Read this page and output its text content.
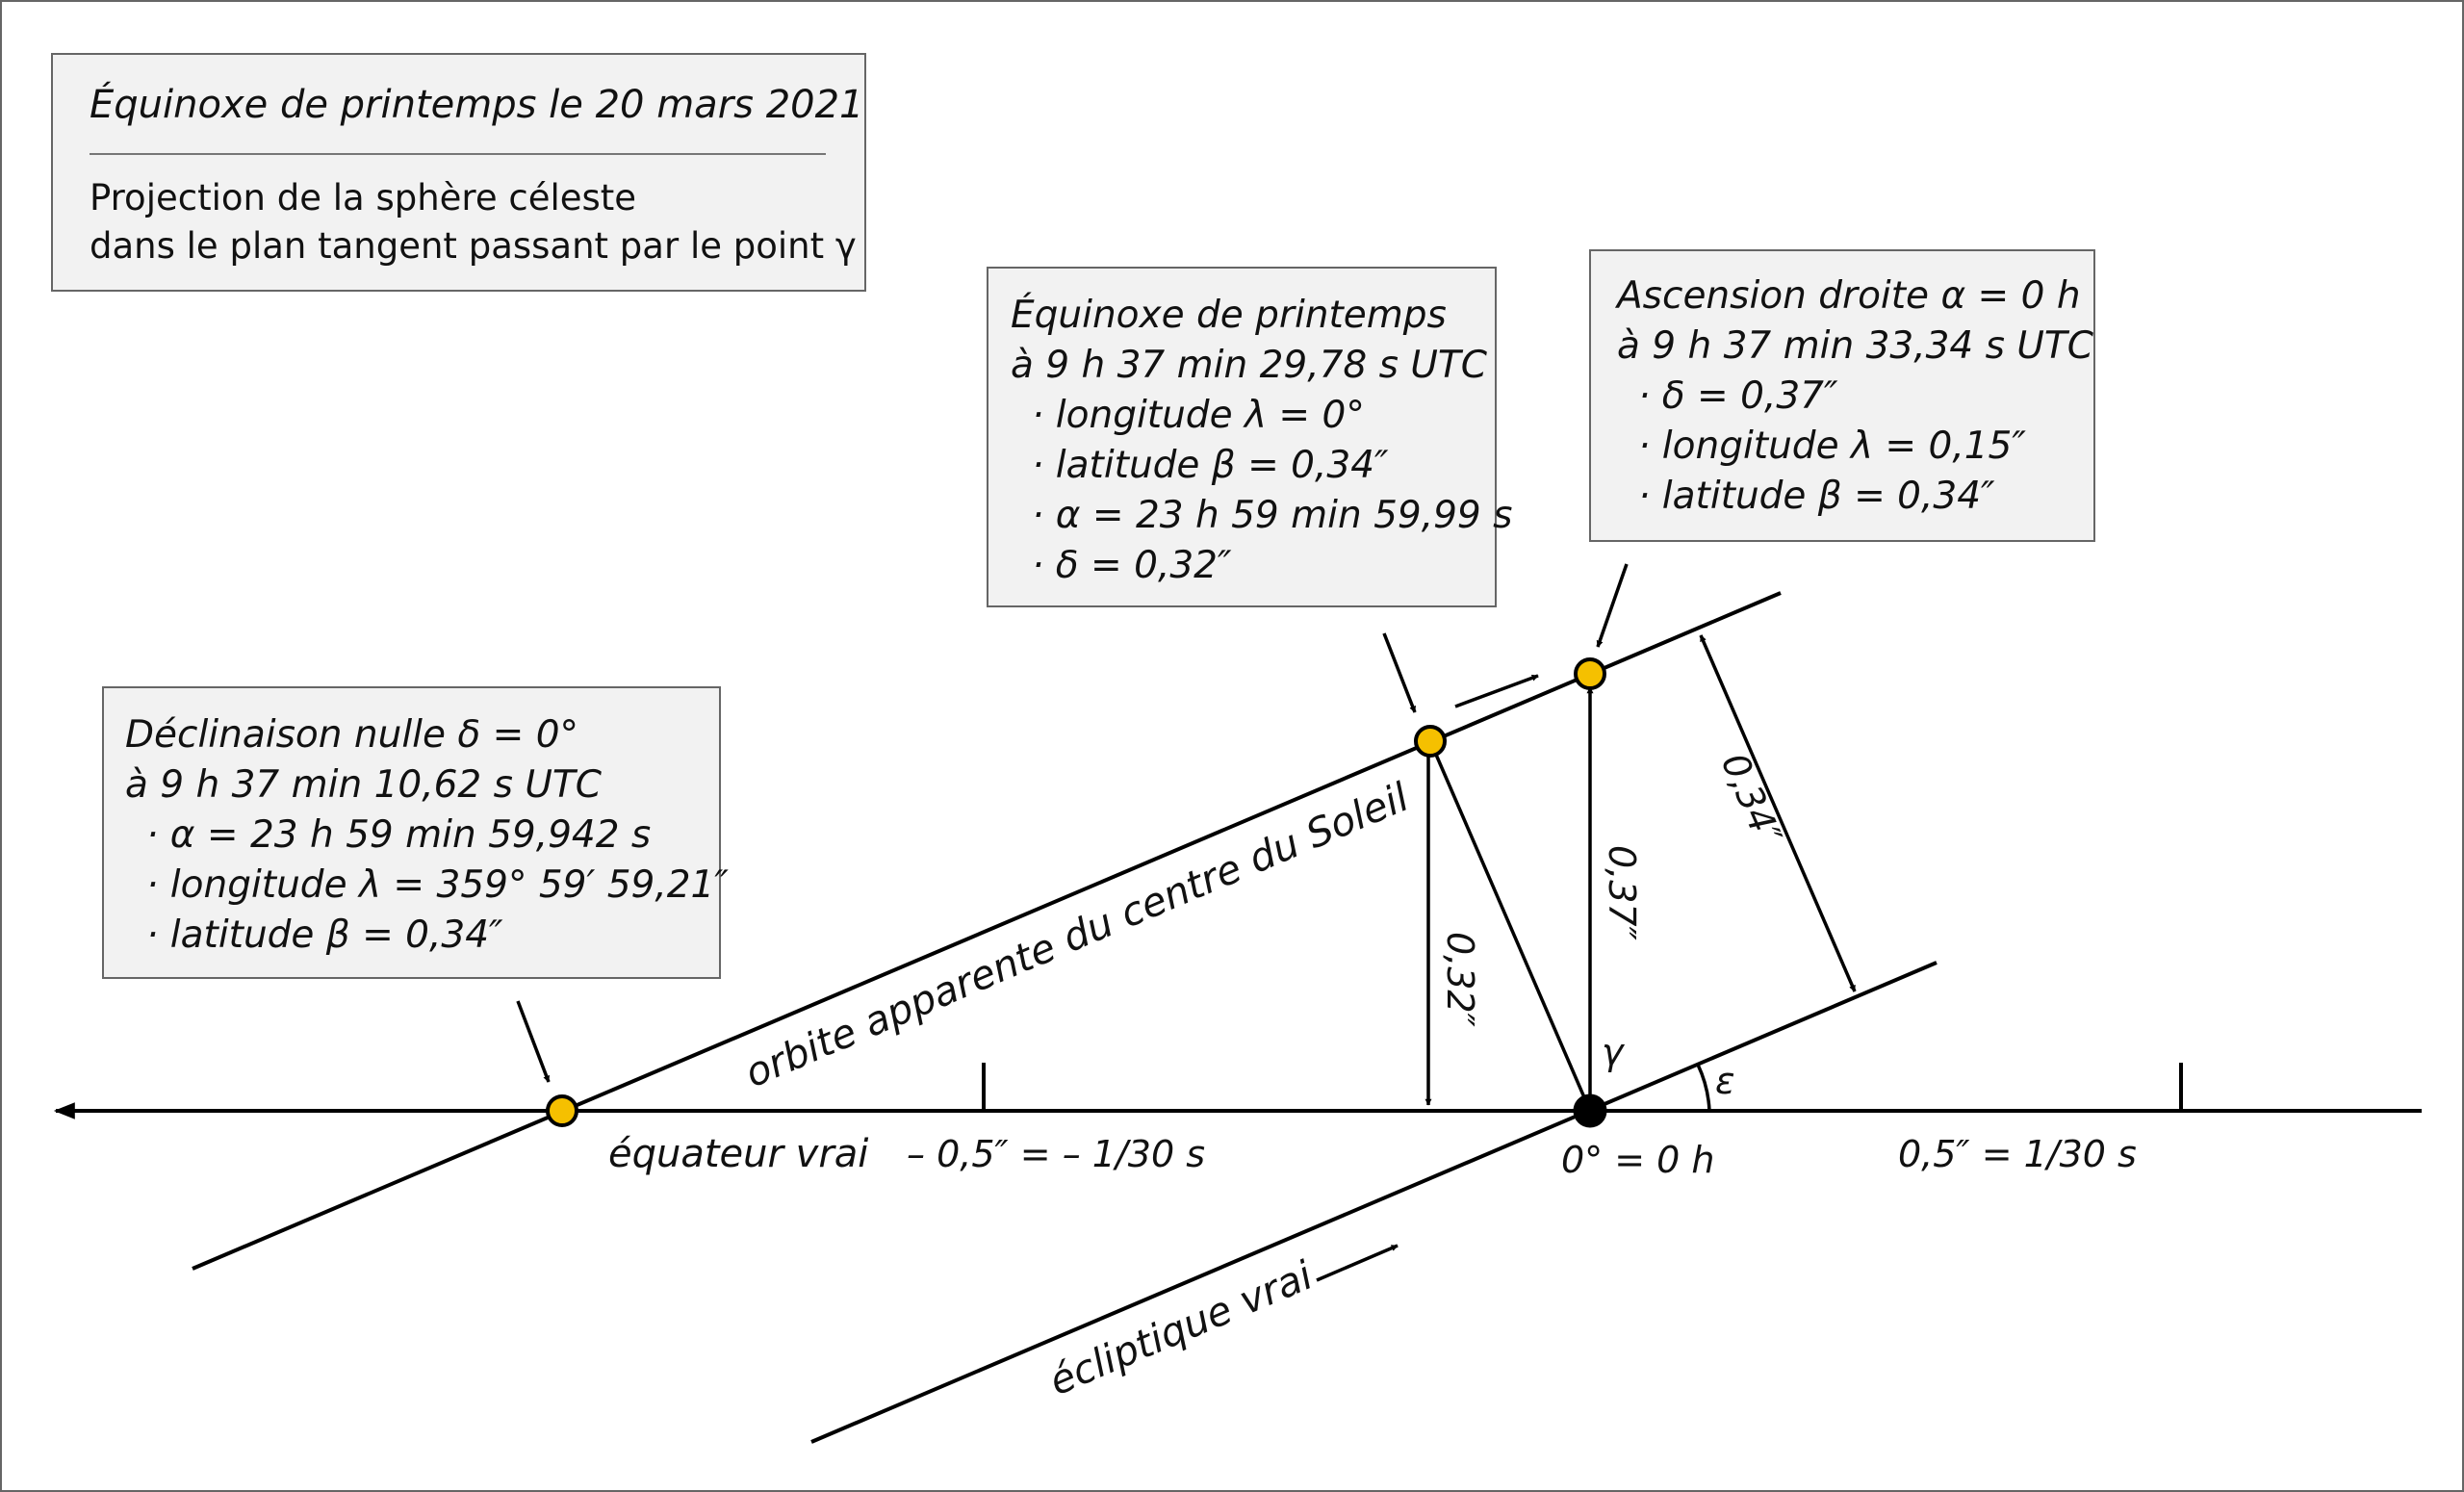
Équinoxe de printemps le 20 mars 2021
Projection de la sphère céleste
dans le plan tangent passant par le point γ
Déclinaison nulle δ = 0°
à 9 h 37 min 10,62 s UTC
· α = 23 h 59 min 59,942 s
· longitude λ = 359° 59′ 59,21″
· latitude β = 0,34″
Équinoxe de printemps
à 9 h 37 min 29,78 s UTC
· longitude λ = 0°
· latitude β = 0,34″
· α = 23 h 59 min 59,99 s
· δ = 0,32″
Ascension droite α = 0 h
à 9 h 37 min 33,34 s UTC
· δ = 0,37″
· longitude λ = 0,15″
· latitude β = 0,34″
orbite apparente du centre du Soleil
équateur vrai
écliptique vrai
– 0,5″ = – 1/30 s	0° = 0 h	0,5″ = 1/30 s
γ
ε
0,32″
0,37″
0,34″
